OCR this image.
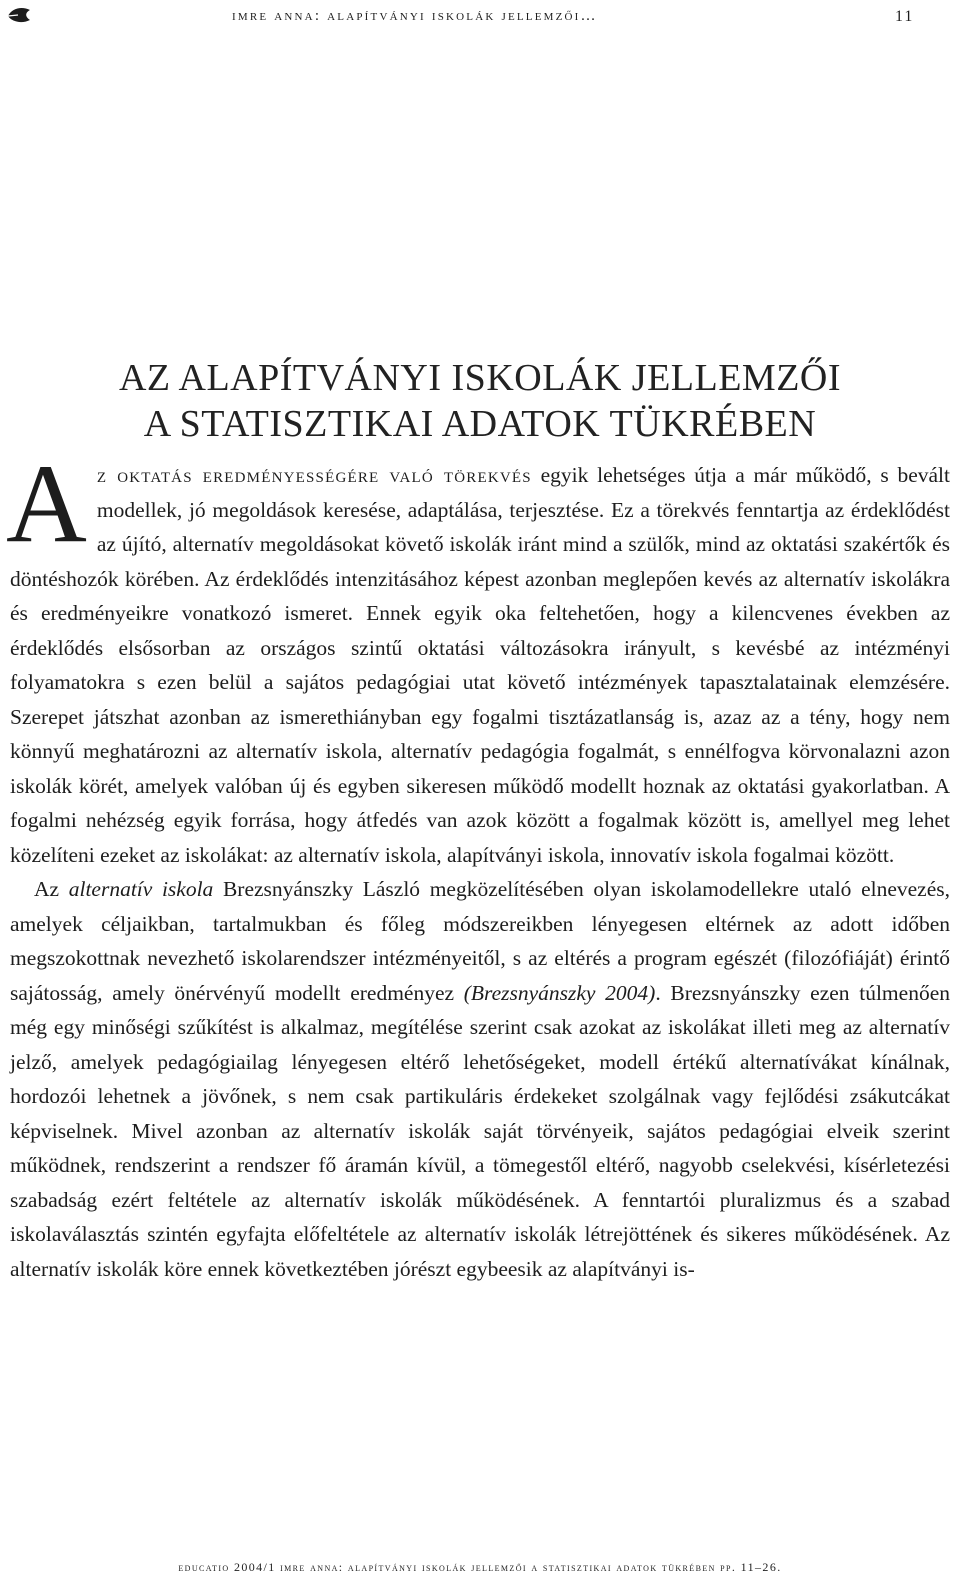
imre anna: alapítványi iskolák jellemzői…	11
AZ ALAPÍTVÁNYI ISKOLÁK JELLEMZŐI
A STATISZTIKAI ADATOK TÜKRÉBEN

Az oktatás eredményességére való törekvés egyik lehetséges útja a már működő, s bevált modellek, jó megoldások keresése, adaptálása, terjesztése. Ez a törekvés fenntartja az érdeklődést az újító, alternatív megoldásokat követő iskolák iránt mind a szülők, mind az oktatási szakértők és döntéshozók körében. Az érdeklődés intenzitásához képest azonban meglepően kevés az alternatív iskolákra és eredményeikre vonatkozó ismeret. Ennek egyik oka feltehetően, hogy a kilencvenes években az érdeklődés elsősorban az országos szintű oktatási változásokra irányult, s kevésbé az intézményi folyamatokra s ezen belül a sajátos pedagógiai utat követő intézmények tapasztalatainak elemzésére. Szerepet játszhat azonban az ismerethiányban egy fogalmi tisztázatlanság is, azaz az a tény, hogy nem könnyű meghatározni az alternatív iskola, alternatív pedagógia fogalmát, s ennélfogva körvonalazni azon iskolák körét, amelyek valóban új és egyben sikeresen működő modellt hoznak az oktatási gyakorlatban. A fogalmi nehézség egyik forrása, hogy átfedés van azok között a fogalmak között is, amellyel meg lehet közelíteni ezeket az iskolákat: az alternatív iskola, alapítványi iskola, innovatív iskola fogalmai között.

Az alternatív iskola Brezsnyánszky László megközelítésében olyan iskolamodellekre utaló elnevezés, amelyek céljaikban, tartalmukban és főleg módszereikben lényegesen eltérnek az adott időben megszokottnak nevezhető iskolarendszer intézményeitől, s az eltérés a program egészét (filozófiáját) érintő sajátosság, amely önérvényű modellt eredményez (Brezsnyánszky 2004). Brezsnyánszky ezen túlmenően még egy minőségi szűkítést is alkalmaz, megítélése szerint csak azokat az iskolákat illeti meg az alternatív jelző, amelyek pedagógiailag lényegesen eltérő lehetőségeket, modell értékű alternatívákat kínálnak, hordozói lehetnek a jövőnek, s nem csak partikuláris érdekeket szolgálnak vagy fejlődési zsákutcákat képviselnek. Mivel azonban az alternatív iskolák saját törvényeik, sajátos pedagógiai elveik szerint működnek, rendszerint a rendszer fő áramán kívül, a tömegestől eltérő, nagyobb cselekvési, kísérletezési szabadság ezért feltétele az alternatív iskolák működésének. A fenntartói pluralizmus és a szabad iskolaválasztás szintén egyfajta előfeltétele az alternatív iskolák létrejöttének és sikeres működésének. Az alternatív iskolák köre ennek következtében jórészt egybeesik az alapítványi is-

educatio 2004/1 imre anna: alapítványi iskolák jellemzői a statisztikai adatok tükrében pp. 11–26.
